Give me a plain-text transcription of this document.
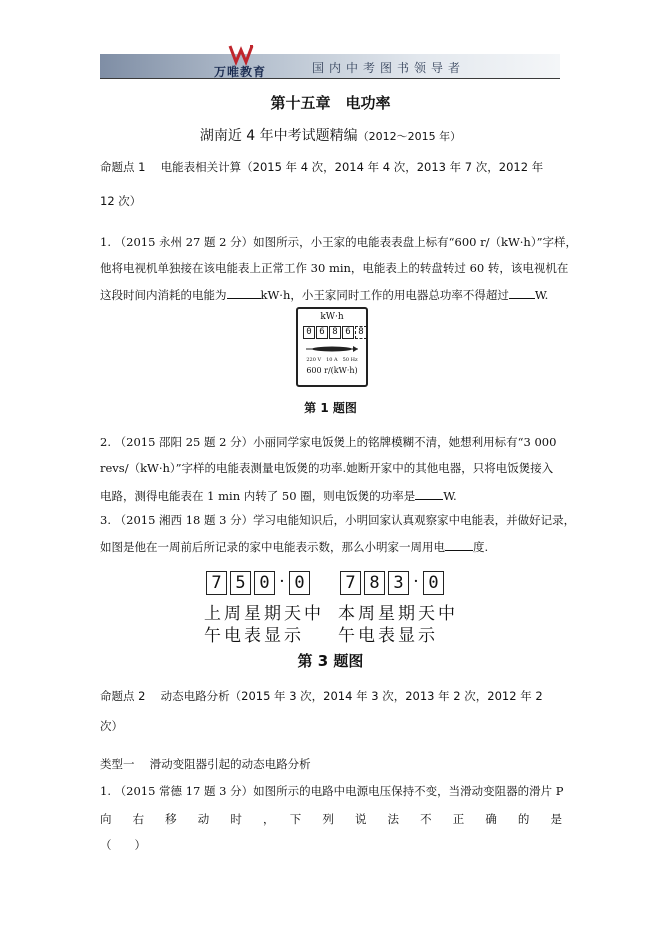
万唯教育	国内中考图书领导者
第十五章　电功率
湖南近 4 年中考试题精编（2012～2015 年）

命题点 1　 电能表相关计算（2015 年 4 次，2014 年 4 次，2013 年 7 次，2012 年

12 次）

1. （2015 永州 27 题 2 分）如图所示，小王家的电能表表盘上标有“600 r/（kW·h）”字样，

他将电视机单独接在该电能表上正常工作 30 min，电能表上的转盘转过 60 转，该电视机在

这段时间内消耗的电能为	kW·h，小王家同时工作的用电器总功率不得超过 W.

kW·h
0 6 8 6 8
220 V　10 A　50 Hz
600 r/(kW·h)
第 1 题图

2. （2015 邵阳 25 题 2 分）小丽同学家电饭煲上的铭牌模糊不清，她想利用标有“3 000

revs/（kW·h）”字样的电能表测量电饭煲的功率.她断开家中的其他电器，只将电饭煲接入

电路，测得电能表在 1 min 内转了 50 圈，则电饭煲的功率是 W.

3. （2015 湘西 18 题 3 分）学习电能知识后，小明回家认真观察家中电能表，并做好记录，

如图是他在一周前后所记录的家中电能表示数，那么小明家一周用电 度.

7 5 0 · 0	7 8 3 · 0
上周星期天中
午电表显示
本周星期天中
午电表显示
第 3 题图

命题点 2　 动态电路分析（2015 年 3 次，2014 年 3 次，2013 年 2 次，2012 年 2

次）

类型一　 滑动变阻器引起的动态电路分析

1. （2015 常德 17 题 3 分）如图所示的电路中电源电压保持不变，当滑动变阻器的滑片 P

向　右　移　动　时　，　下　列　说　法　不　正　确　的　是

（　　）
